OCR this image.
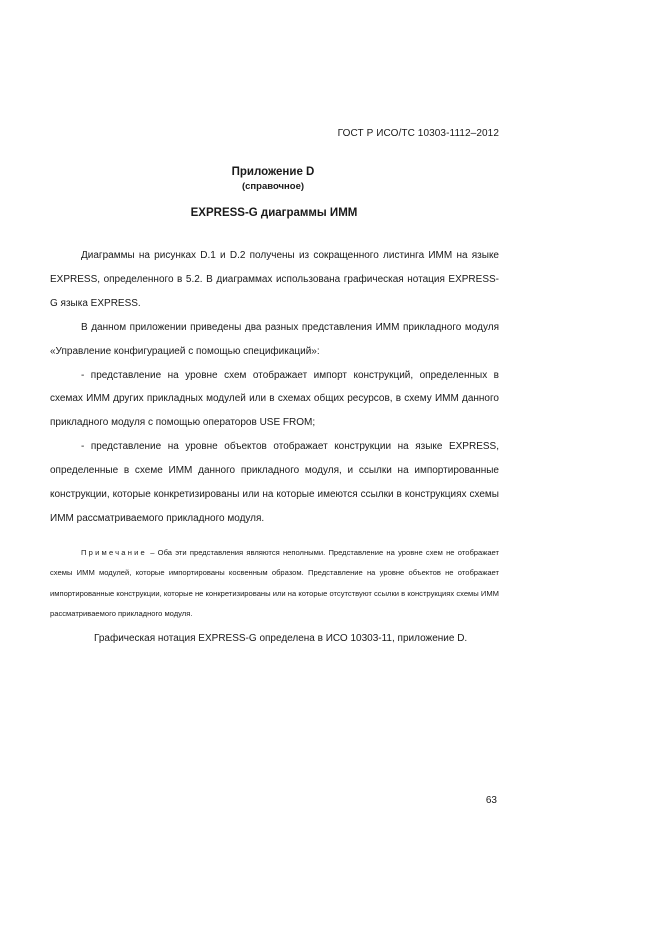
ГОСТ Р ИСО/ТС 10303-1112–2012
Приложение D
(справочное)
EXPRESS-G диаграммы ИММ

Диаграммы на рисунках D.1 и D.2 получены из сокращенного листинга ИММ на языке EXPRESS, определенного в 5.2. В диаграммах использована графическая нотация EXPRESS-G языка EXPRESS.

В данном приложении приведены два разных представления ИММ прикладного модуля «Управление конфигурацией с помощью спецификаций»:

- представление на уровне схем отображает импорт конструкций, определенных в схемах ИММ других прикладных модулей или в схемах общих ресурсов, в схему ИММ данного прикладного модуля с помощью операторов USE FROM;

- представление на уровне объектов отображает конструкции на языке EXPRESS, определенные в схеме ИММ данного прикладного модуля, и ссылки на импортированные конструкции, которые конкретизированы или на которые имеются ссылки в конструкциях схемы ИММ рассматриваемого прикладного модуля.

Примечание – Оба эти представления являются неполными. Представление на уровне схем не отображает схемы ИММ модулей, которые импортированы косвенным образом. Представление на уровне объектов не отображает импортированные конструкции, которые не конкретизированы или на которые отсутствуют ссылки в конструкциях схемы ИММ рассматриваемого прикладного модуля.

Графическая нотация EXPRESS-G определена в ИСО 10303-11, приложение D.
63
